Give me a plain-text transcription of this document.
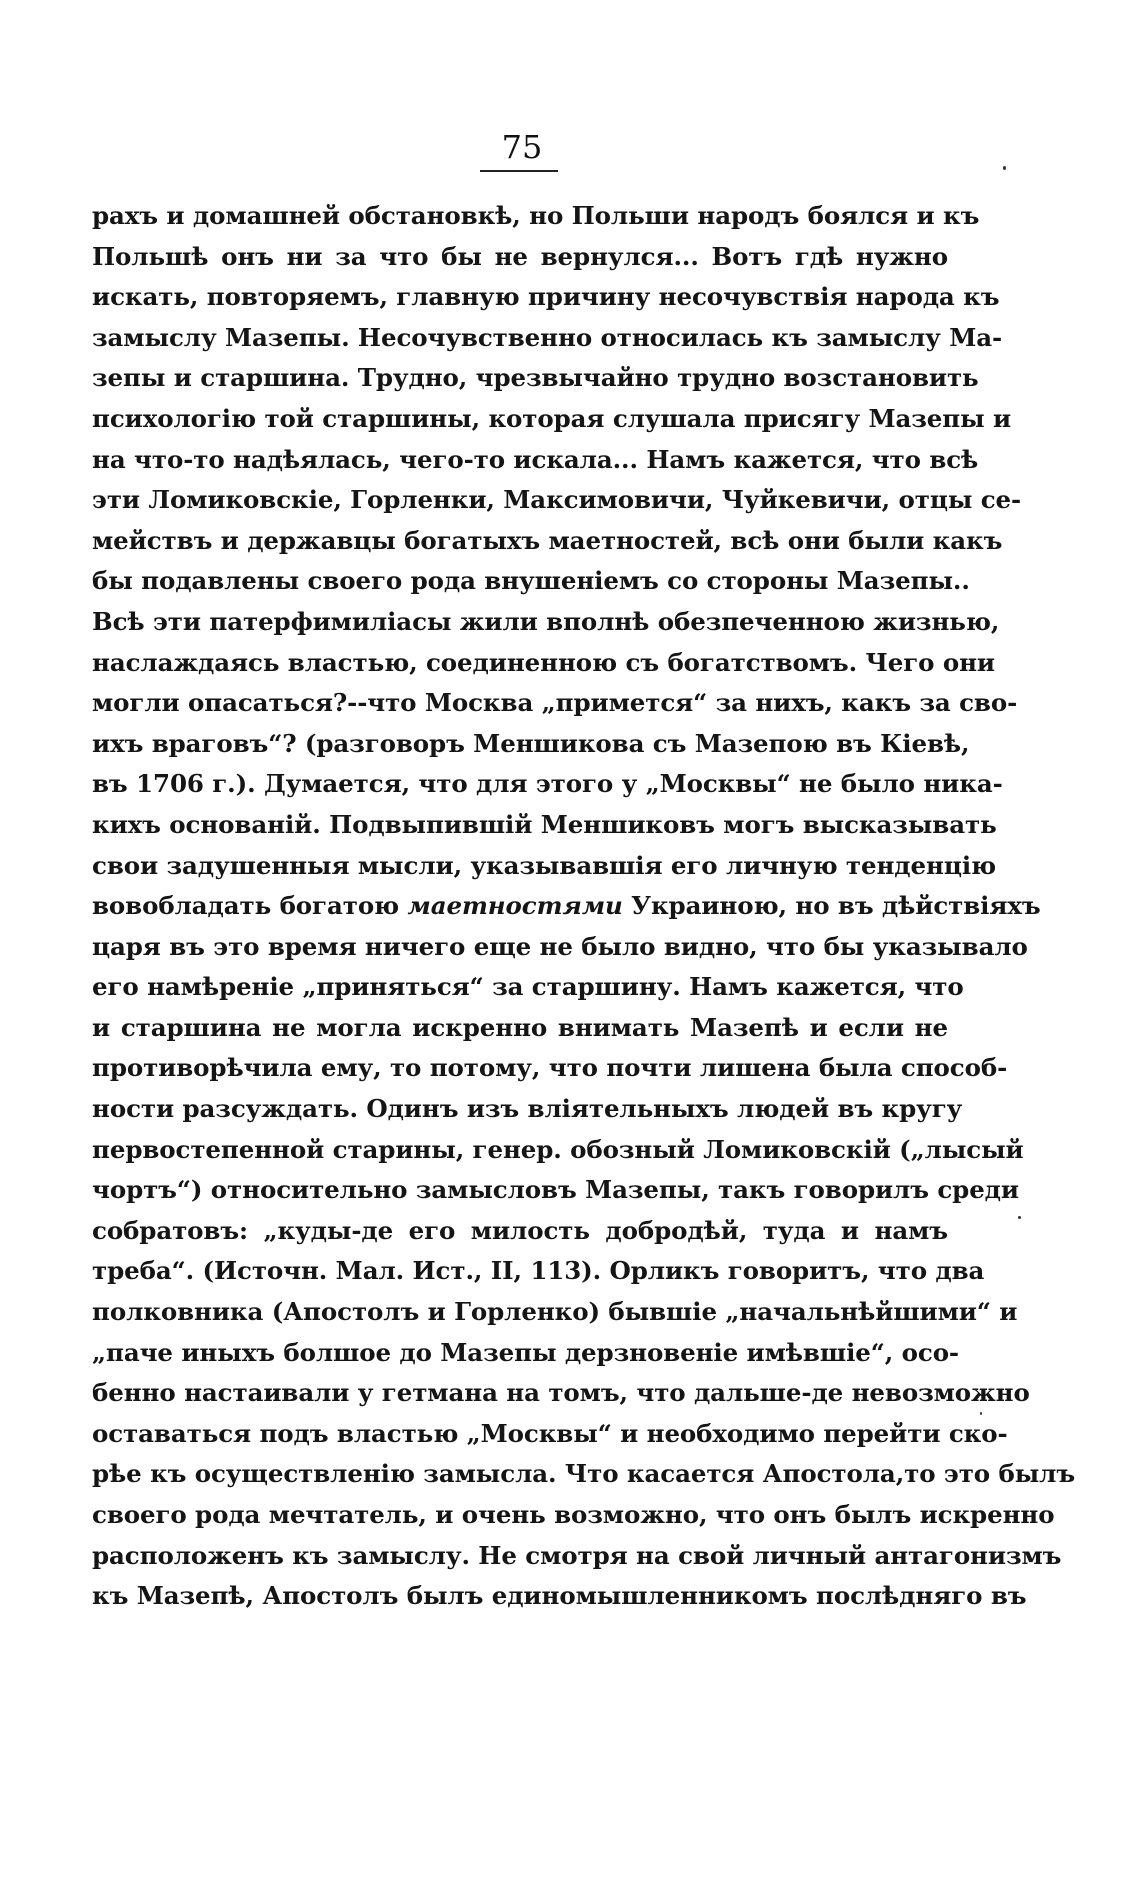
75
рахъ и домашней обстановкѣ, но Польши народъ боялся и къ
Польшѣ онъ ни за что бы не вернулся... Вотъ гдѣ нужно
искать, повторяемъ, главную причину несочувствія народа къ
замыслу Мазепы. Несочувственно относилась къ замыслу Ма-
зепы и старшина. Трудно, чрезвычайно трудно возстановить
психологію той старшины, которая слушала присягу Мазепы и
на что-то надѣялась, чего-то искала... Намъ кажется, что всѣ
эти Ломиковскіе, Горленки, Максимовичи, Чуйкевичи, отцы се-
мействъ и державцы богатыхъ маетностей, всѣ они были какъ
бы подавлены своего рода внушеніемъ со стороны Мазепы..
Всѣ эти патерфимиліасы жили вполнѣ обезпеченною жизнью,
наслаждаясь властью, соединенною съ богатствомъ. Чего они
могли опасаться?--что Москва „примется“ за нихъ, какъ за сво-
ихъ враговъ“? (разговоръ Меншикова съ Мазепою въ Кіевѣ,
въ 1706 г.). Думается, что для этого у „Москвы“ не было никa-
кихъ основаній. Подвыпившій Меншиковъ могъ высказывать
свои задушенныя мысли, указывавшія его личную тенденцію
вовобладать богатою маетностями Украиною, но въ дѣйствіяхъ
царя въ это время ничего еще не было видно, что бы указывало
его намѣреніе „приняться“ за старшину. Намъ кажется, что
и старшина не могла искренно внимать Мазепѣ и если не
противорѣчила ему, то потому, что почти лишена была способ-
ности разсуждать. Одинъ изъ вліятельныхъ людей въ кругу
первостепенной старины, генер. обозный Ломиковскій („лысый
чортъ“) относительно замысловъ Мазепы, такъ говорилъ среди
собратовъ: „куды-де его милость добродѣй, туда и намъ
треба“. (Источн. Мал. Ист., II, 113). Орликъ говоритъ, что два
полковника (Апостолъ и Горленко) бывшіе „начальнѣйшими“ и
„паче иныхъ болшое до Мазепы дерзновеніе имѣвшіе“, осо-
бенно настаивали у гетмана на томъ, что дальше-де невозможно
оставаться подъ властью „Москвы“ и необходимо перейти ско-
рѣе къ осуществленію замысла. Что касается Апостола,то это былъ
своего рода мечтатель, и очень возможно, что онъ былъ искренно
расположенъ къ замыслу. Не смотря на свой личный антагонизмъ
къ Мазепѣ, Апостолъ былъ единомышленникомъ послѣдняго въ
